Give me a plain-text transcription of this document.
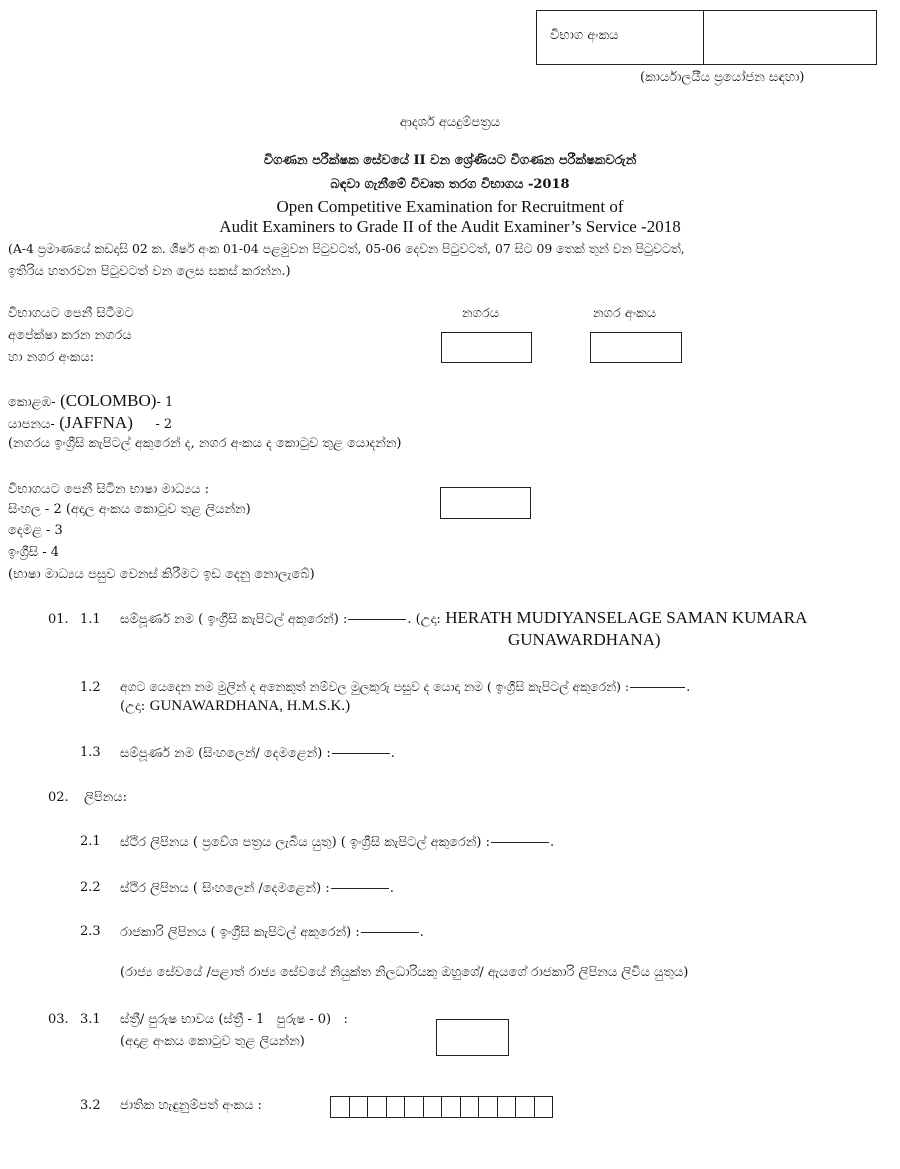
විභාග අංකය
(කාර්යාලයීය ප්‍රයෝජන සඳහා)
ආදර්ශ අයදුම්පත්‍රය
විගණන පරීක්ෂක සේවයේ II වන ශ්‍රේණියට විගණන පරීක්ෂකවරුන්
බඳවා ගැනීමේ විවෘත තරග විභාගය -2018
Open Competitive Examination for Recruitment of
Audit Examiners to Grade II of the Audit Examiner’s Service -2018
(A-4 ප්‍රමාණයේ කඩදාසි 02 ක. ශීර්ෂ අංක 01-04 පළමුවන පිටුවටත්, 05-06 දෙවන පිටුවටත්, 07 සිට 09 තෙක් තුන් වන පිටුවටත්,
ඉතිරිය හතරවන පිටුවටත් වන ලෙස සකස් කරන්න.)
විභාගයට පෙනී සිටීමට
අපේක්ෂා කරන නගරය
හා නගර අංකය:
නගරය	නගර අංකය
කොළඹ- (COLOMBO)- 1
යාපනය- (JAFFNA) - 2
(නගරය ඉංග්‍රීසි කැපිටල් අකුරෙන් ද, නගර අංකය ද කොටුව තුළ යොදන්න)
විභාගයට පෙනී සිටින භාෂා මාධ්‍යය :
සිංහල - 2 (අදාල අංකය කොටුව තුළ ලියන්න)
දෙමළ - 3
ඉංග්‍රීසි - 4
(භාෂා මාධ්‍යය පසුව වෙනස් කිරීමට ඉඩ දෙනු නොලැබේ)
01. 1.1 සම්පූර්ණ නම ( ඉංග්‍රීසි කැපිටල් අකුරෙන්) :	. (උදා: HERATH MUDIYANSELAGE SAMAN KUMARA
GUNAWARDHANA)
1.2 අගට යෙදෙන නම මුලින් ද අනෙකුත් නම්වල මුලකුරු පසුව ද යොදා නම ( ඉංග්‍රීසි කැපිටල් අකුරෙන්) :	.
(උදා: GUNAWARDHANA, H.M.S.K.)
1.3 සම්පූර්ණ නම (සිංහලෙන්/ දෙමළෙන්) :	.
02. ලිපිනය:
2.1 ස්ථිර ලිපිනය ( ප්‍රවේශ පත්‍රය ලැබිය යුතු) ( ඉංග්‍රීසි කැපිටල් අකුරෙන්) :	.
2.2 ස්ථිර ලිපිනය ( සිංහලෙන් /දෙමළෙන්) :	.
2.3 රාජකාරි ලිපිනය ( ඉංග්‍රීසි කැපිටල් අකුරෙන්) :	.
(රාජ්‍ය සේවයේ /පළාත් රාජ්‍ය සේවයේ නියුක්ත නිලධාරියකු ඔහුගේ/ ඇයගේ රාජකාරි ලිපිනය ලිවිය යුතුය)
03. 3.1 ස්ත්‍රී/ පුරුෂ භාවය (ස්ත්‍රී - 1   පුරුෂ - 0)   :
(අදාළ අංකය කොටුව තුළ ලියන්න)
3.2 ජාතික හැඳුනුම්පත් අංකය :
